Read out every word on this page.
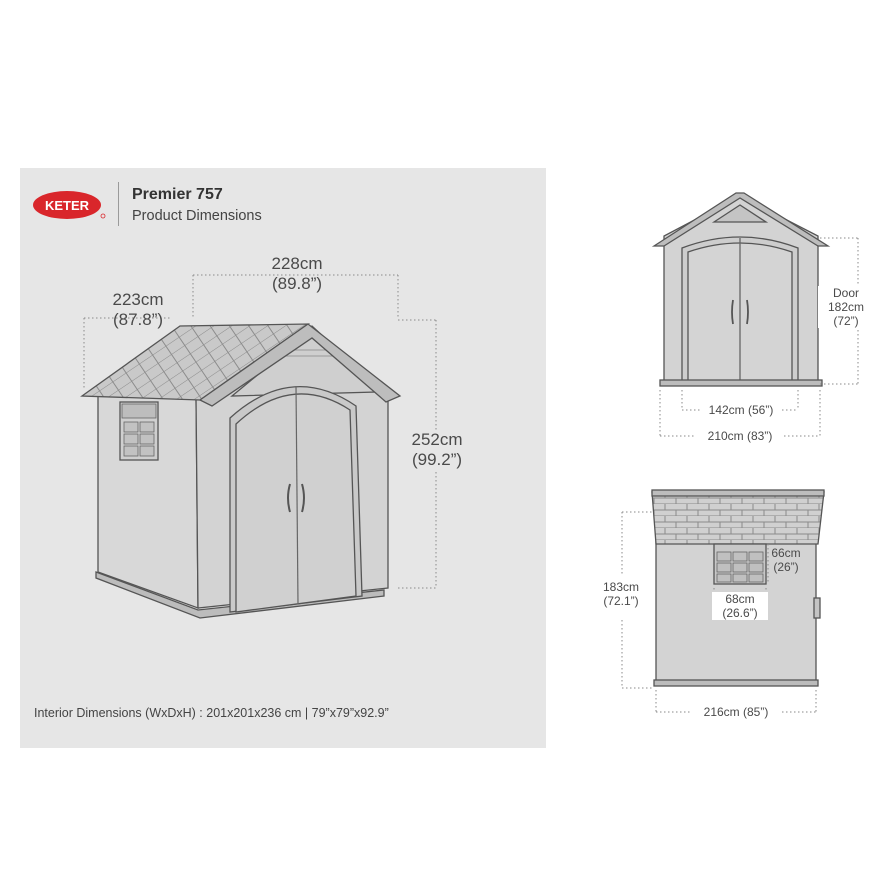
KETER
Premier 757
Product Dimensions
Interior Dimensions (WxDxH) : 201x201x236 cm | 79”x79”x92.9”
228cm
(89.8”)
223cm
(87.8”)
252cm
(99.2”)
Door
182cm
(72”)
142cm (56”)
210cm (83”)
183cm
(72.1”)
66cm
(26”)
68cm
(26.6”)
216cm (85”)
